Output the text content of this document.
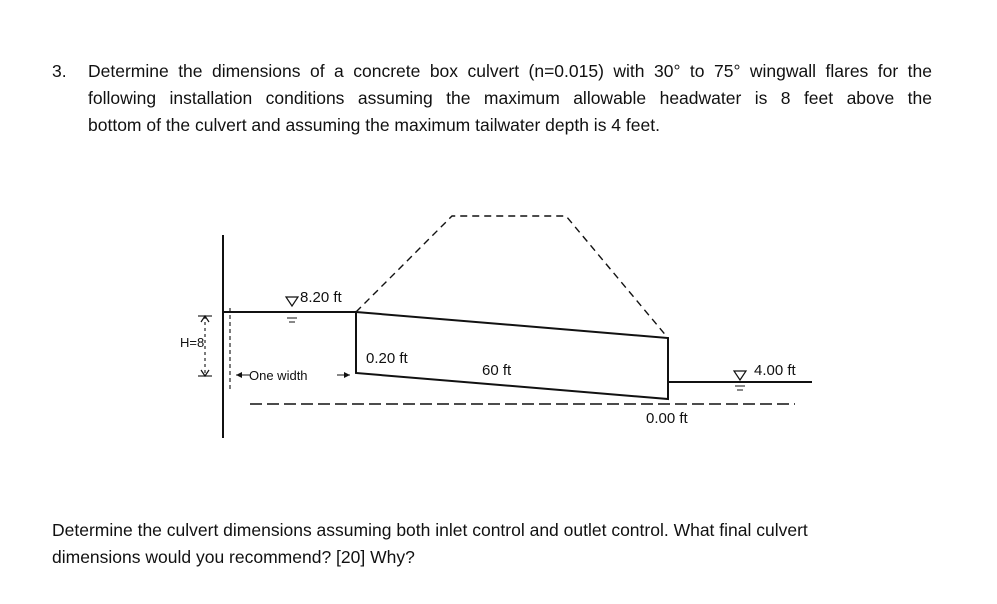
3. Determine the dimensions of a concrete box culvert (n=0.015) with 30° to 75° wingwall flares for the
following installation conditions assuming the maximum allowable headwater is 8 feet above the
bottom of the culvert and assuming the maximum tailwater depth is 4 feet.
H=8
8.20 ft
One width
0.20 ft
60 ft	4.00 ft
0.00 ft
Determine the culvert dimensions assuming both inlet control and outlet control. What final culvert
dimensions would you recommend? [20] Why?
